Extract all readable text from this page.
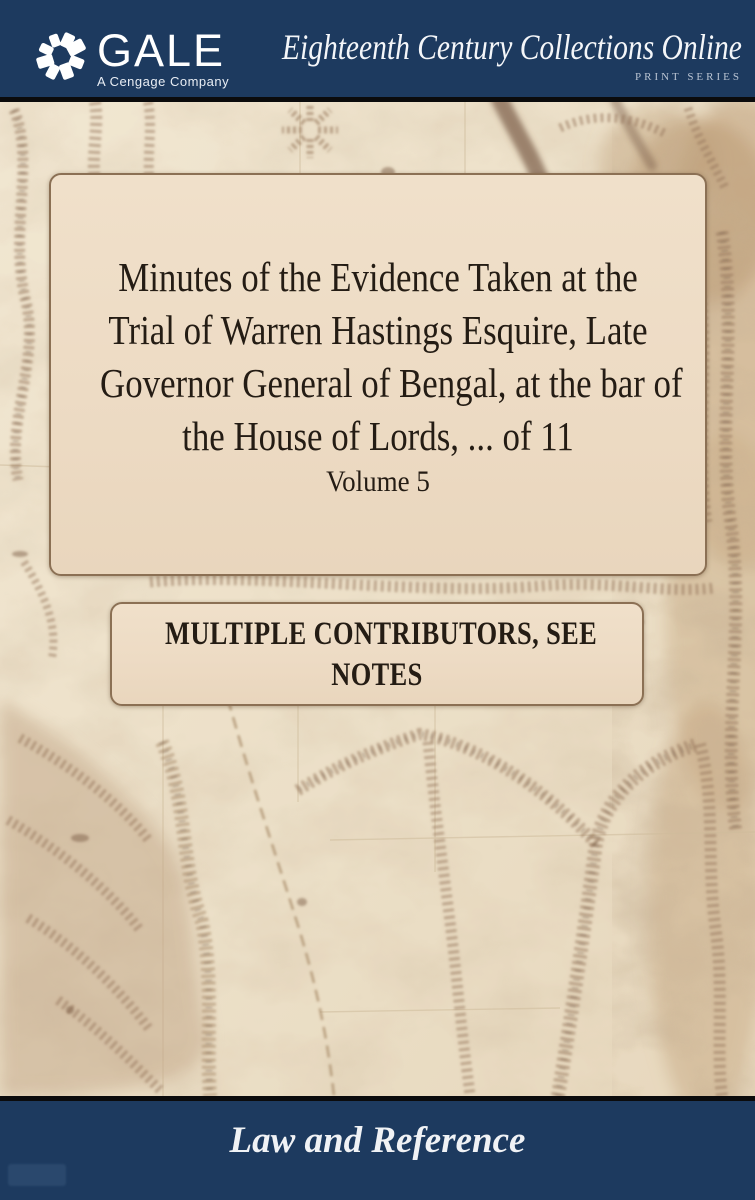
GALE
A Cengage Company
Eighteenth Century Collections Online
PRINT SERIES
Minutes of the Evidence Taken at the
Trial of Warren Hastings Esquire, Late
Governor General of Bengal, at the bar of
the House of Lords, ... of 11
Volume 5
MULTIPLE CONTRIBUTORS, SEE
NOTES
Law and Reference
